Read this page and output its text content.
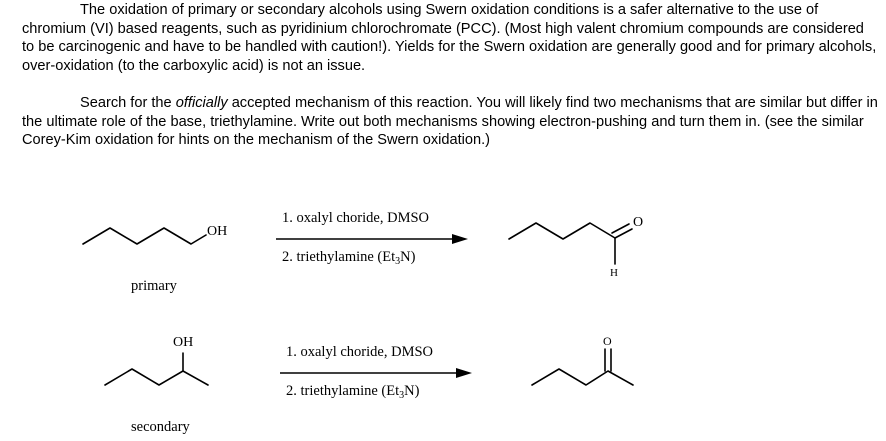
The oxidation of primary or secondary alcohols using Swern oxidation conditions is a safer alternative to the use of chromium (VI) based reagents, such as pyridinium chlorochromate (PCC). (Most high valent chromium compounds are considered to be carcinogenic and have to be handled with caution!). Yields for the Swern oxidation are generally good and for primary alcohols, over-oxidation (to the carboxylic acid) is not an issue.

Search for the officially accepted mechanism of this reaction. You will likely find two mechanisms that are similar but differ in the ultimate role of the base, triethylamine. Write out both mechanisms showing electron-pushing and turn them in. (see the similar Corey-Kim oxidation for hints on the mechanism of the Swern oxidation.)

OH
1. oxalyl choride, DMSO
2. triethylamine $(Et_3N)$
O
H
primary
OH
1. oxalyl choride, DMSO
2. triethylamine $(Et_3N)$
O
secondary
